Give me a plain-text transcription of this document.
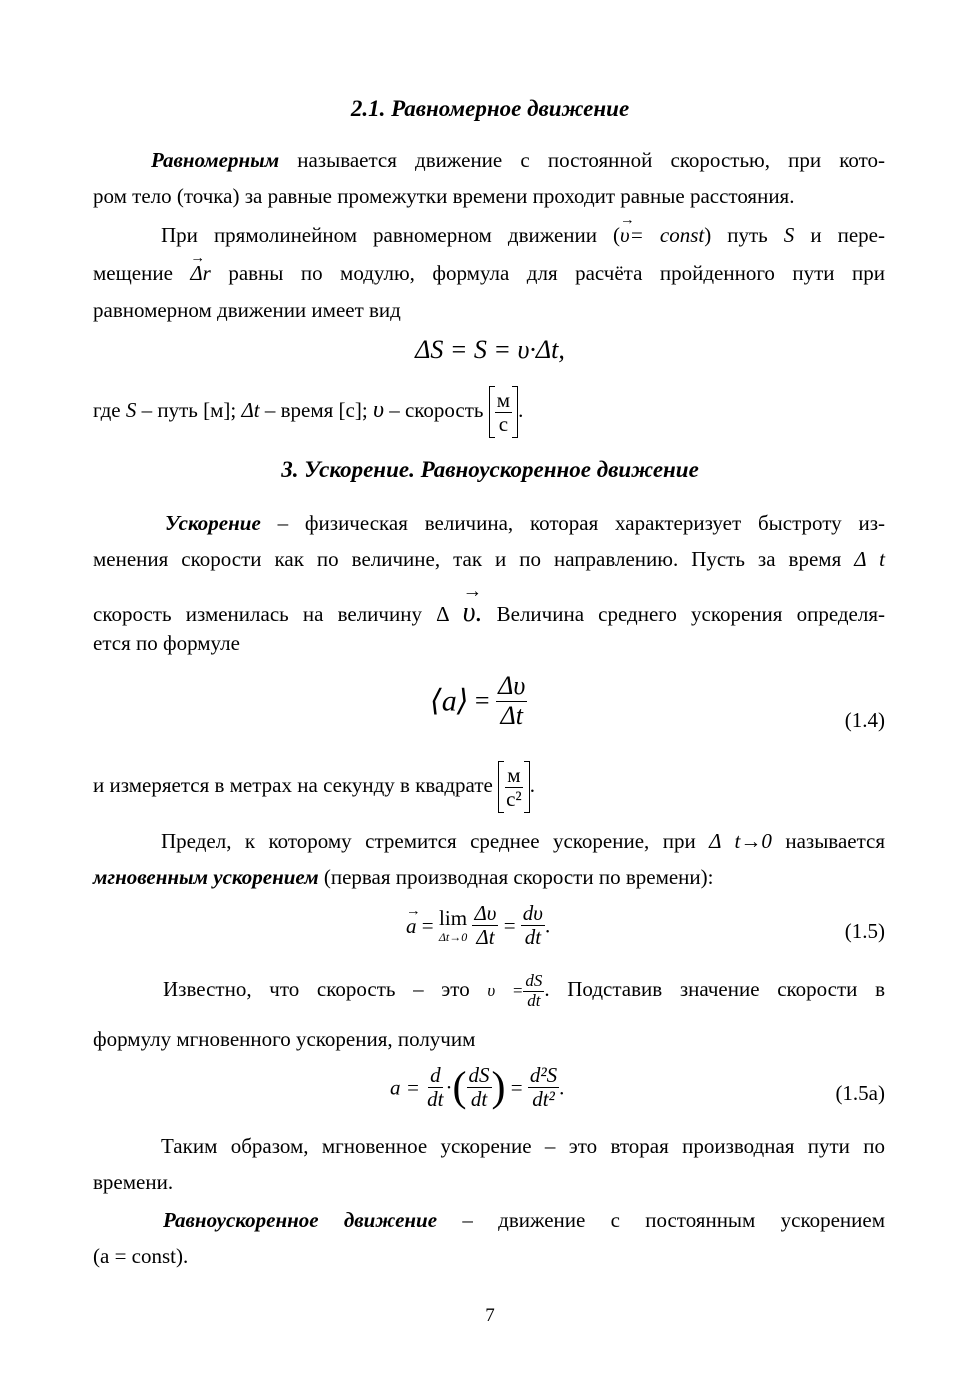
2.1. Равномерное движение
Равномерным называется движение с постоянной скоростью, при кото-
ром тело (точка) за равные промежутки времени проходит равные расстояния.
При прямолинейном равномерном движении (→ υ= const) путь S и пере-
мещение → Δr равны по модулю, формула для расчёта пройденного пути при
равномерном движении имеет вид
ΔS = S = υ·Δt,
где S – путь [м]; Δt – время [с]; υ – скорость $\frac{м}{с}$ .
3. Ускорение. Равноускоренное движение
Ускорение – физическая величина, которая характеризует быстроту из-
менения скорости как по величине, так и по направлению. Пусть за время Δ t
скорость изменилась на величину Δ → υ. Величина среднего ускорения определя-
ется по формуле
⟨a⟩ = $\frac{\Delta\upsilon}{\Delta t}$	(1.4)
и измеряется в метрах на секунду в квадрате $\frac{м}{\text{с²}}$ .
Предел, к которому стремится среднее ускорение, при Δ t→0 называется
мгновенным ускорением (первая производная скорости по времени):
→ a = lim
Δt→0
$\frac{\Delta\upsilon}{\Delta t} = \frac{d\upsilon}{dt}$ .	(1.5)
Известно, что скорость – это $\upsilon = \frac{dS}{dt}$ . Подставив значение скорости в
формулу мгновенного ускорения, получим
$a = \frac{d}{dt}$ ·( $\frac{dS}{dt}$ ) = $\frac{\text{d²S}}{\text{dt²}}$ .	(1.5a)
Таким образом, мгновенное ускорение – это вторая производная пути по
времени.
Равноускоренное движение – движение с постоянным ускорением
(a = const).
7
